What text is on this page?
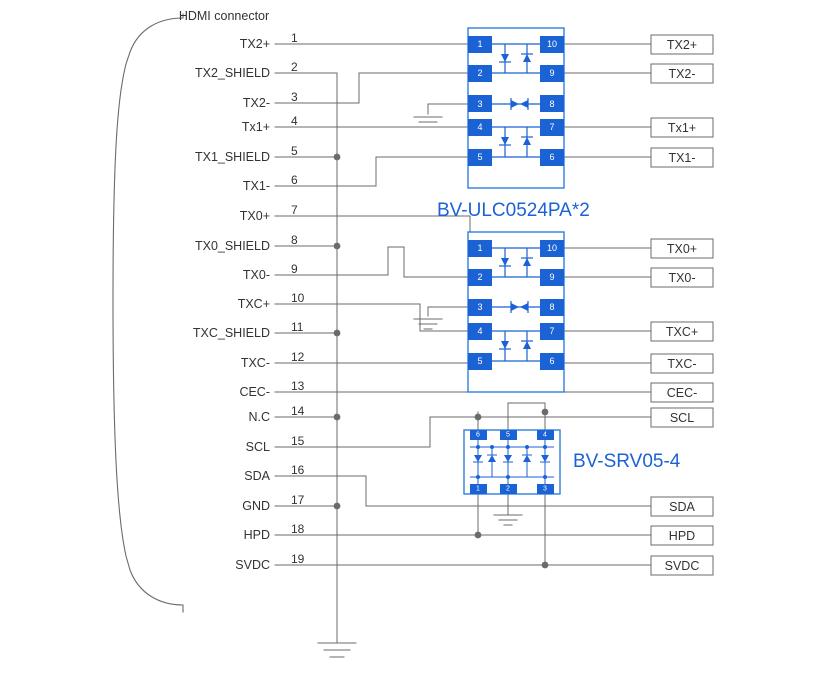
HDMI connector
TX2+
TX2_SHIELD
TX2-
Tx1+
TX1_SHIELD
TX1-
TX0+
TX0_SHIELD
TX0-
TXC+
TXC_SHIELD
TXC-
CEC-
N.C
SCL
SDA
GND
HPD
SVDC
1
2
3
4
5
6
7
8
9
10
11
12
13
14
15
16
17
18
19
1
2
3
4
5
10
9
8
7
6
1
2
3
4
5
10
9
8
7
6
6	5	4
1	2	3
BV-ULC0524PA*2
BV-SRV05-4
TX2+
TX2-
Tx1+
TX1-
TX0+
TX0-
TXC+
TXC-
CEC-
SCL
SDA
HPD
SVDC
